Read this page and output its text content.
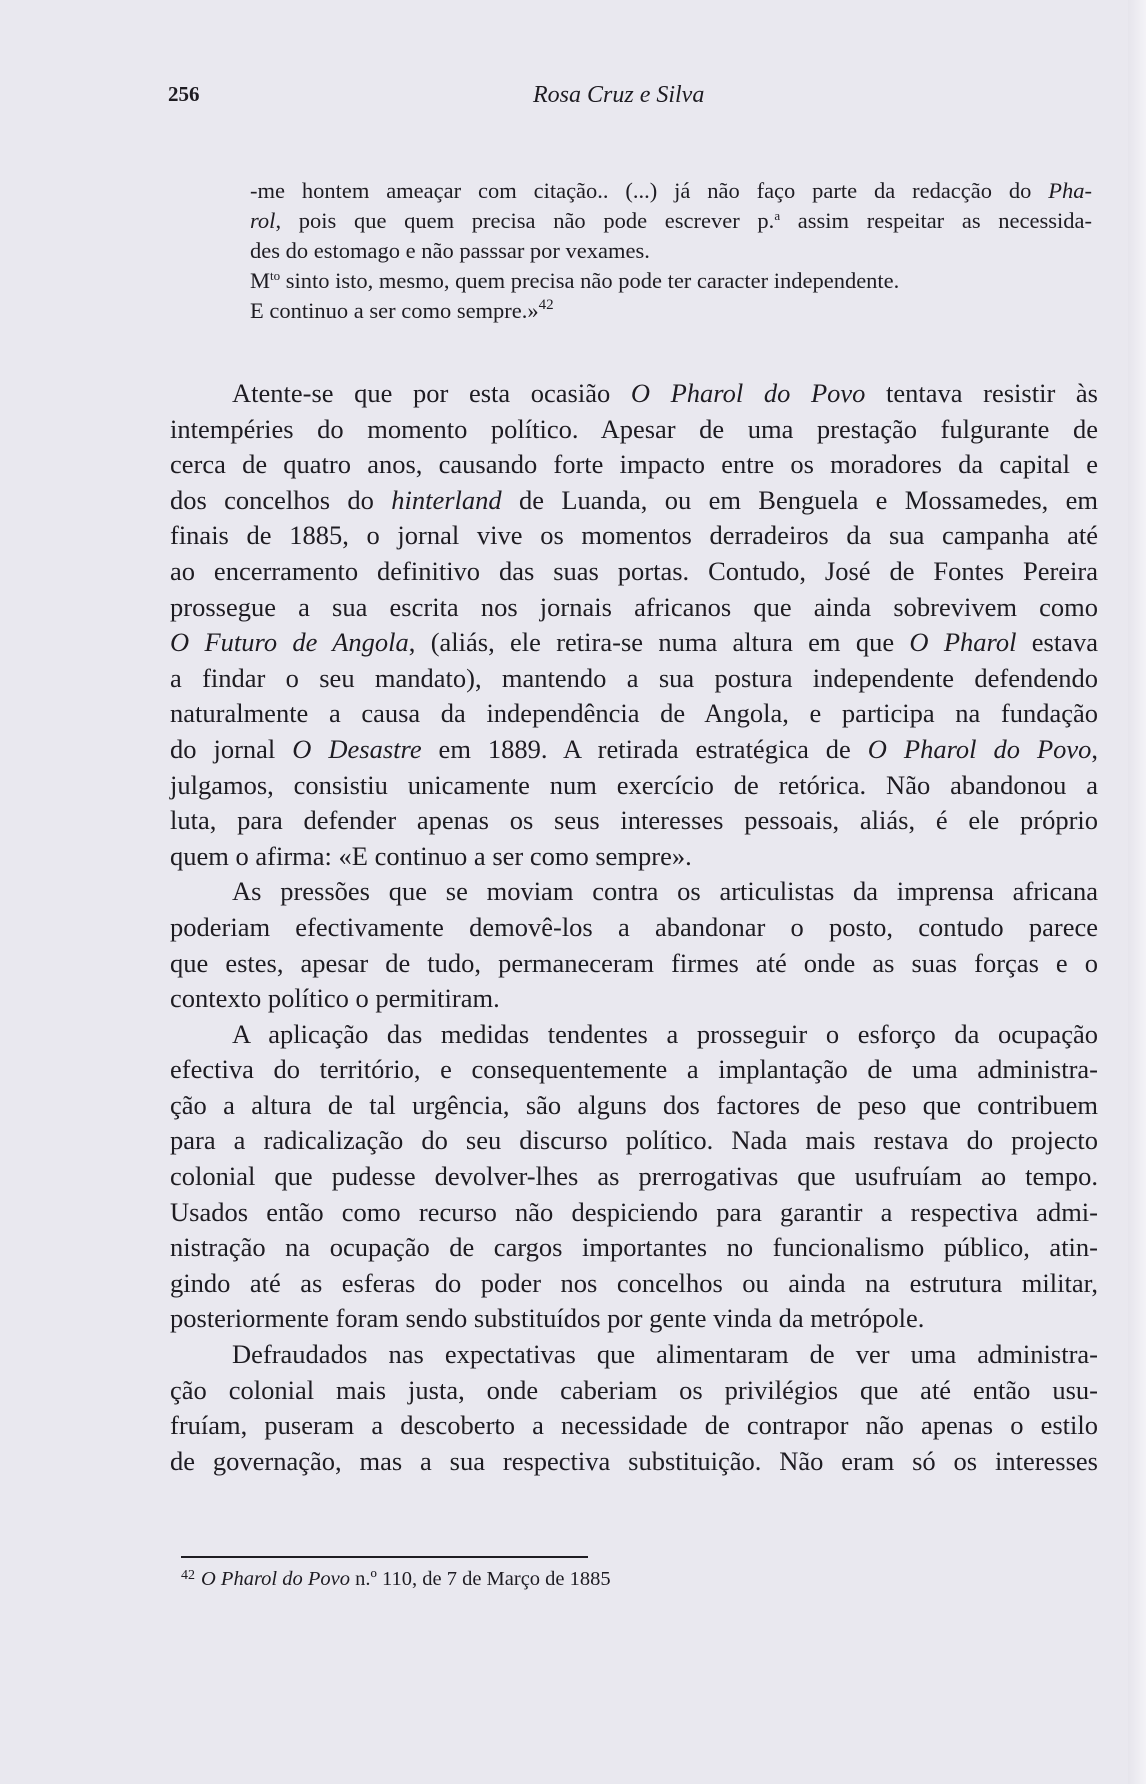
256	Rosa Cruz e Silva
-me hontem ameaçar com citação.. (...) já não faço parte da redacção do Pha-
rol, pois que quem precisa não pode escrever p.$^a$ assim respeitar as necessida-
des do estomago e não passsar por vexames.
$M^{to}$ sinto isto, mesmo, quem precisa não pode ter caracter independente.
E continuo a ser como sempre.»$^{42}$
Atente-se que por esta ocasião O Pharol do Povo tentava resistir às
intempéries do momento político. Apesar de uma prestação fulgurante de
cerca de quatro anos, causando forte impacto entre os moradores da capital e
dos concelhos do hinterland de Luanda, ou em Benguela e Mossamedes, em
finais de 1885, o jornal vive os momentos derradeiros da sua campanha até
ao encerramento definitivo das suas portas. Contudo, José de Fontes Pereira
prossegue a sua escrita nos jornais africanos que ainda sobrevivem como
O Futuro de Angola, (aliás, ele retira-se numa altura em que O Pharol estava
a findar o seu mandato), mantendo a sua postura independente defendendo
naturalmente a causa da independência de Angola, e participa na fundação
do jornal O Desastre em 1889. A retirada estratégica de O Pharol do Povo,
julgamos, consistiu unicamente num exercício de retórica. Não abandonou a
luta, para defender apenas os seus interesses pessoais, aliás, é ele próprio
quem o afirma: «E continuo a ser como sempre».
As pressões que se moviam contra os articulistas da imprensa africana
poderiam efectivamente demovê-los a abandonar o posto, contudo parece
que estes, apesar de tudo, permaneceram firmes até onde as suas forças e o
contexto político o permitiram.
A aplicação das medidas tendentes a prosseguir o esforço da ocupação
efectiva do território, e consequentemente a implantação de uma administra-
ção a altura de tal urgência, são alguns dos factores de peso que contribuem
para a radicalização do seu discurso político. Nada mais restava do projecto
colonial que pudesse devolver-lhes as prerrogativas que usufruíam ao tempo.
Usados então como recurso não despiciendo para garantir a respectiva admi-
nistração na ocupação de cargos importantes no funcionalismo público, atin-
gindo até as esferas do poder nos concelhos ou ainda na estrutura militar,
posteriormente foram sendo substituídos por gente vinda da metrópole.
Defraudados nas expectativas que alimentaram de ver uma administra-
ção colonial mais justa, onde caberiam os privilégios que até então usu-
fruíam, puseram a descoberto a necessidade de contrapor não apenas o estilo
de governação, mas a sua respectiva substituição. Não eram só os interesses
$^{42}$ O Pharol do Povo n.º 110, de 7 de Março de 1885
